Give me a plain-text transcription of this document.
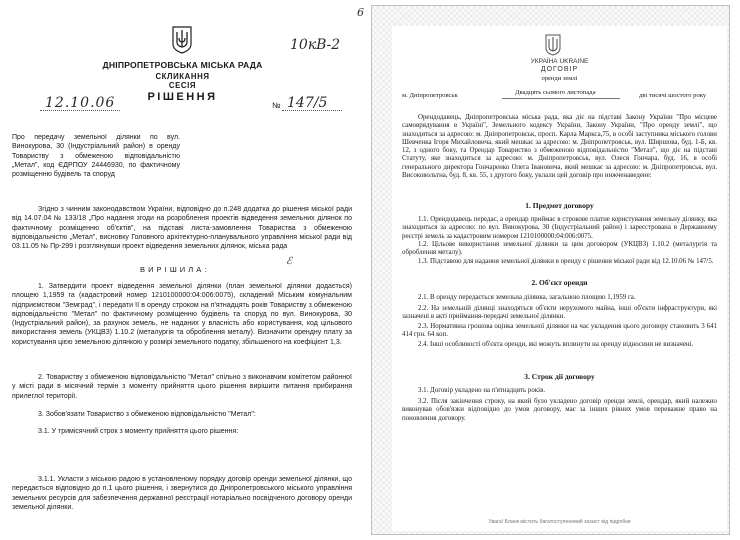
ДНІПРОПЕТРОВСЬКА МІСЬКА РАДА
СКЛИКАННЯ
СЕСІЯ
РІШЕННЯ
10кВ-2
12.10.06	№ 147/5

Про передачу земельної ділянки по вул. Винокурова, 30 (Індустріальний район) в оренду Товариству з обмеженою відповідальністю „Метал”, код ЄДРПОУ 24446930, по фактичному розміщенню будівель та споруд

Згідно з чинним законодавством України, відповідно до п.248 додатка до рішення міської ради від 14.07.04 № 133/18 „Про надання згоди на розроблення проектів відведення земельних ділянок по фактичному розміщенню об'єктів”, на підставі листа-замовлення Товариства з обмеженою відповідальністю „Метал”, висновку Головного архітектурно-планувального управління міської ради від 03.11.05 № Пр-299 і розглянувши проект відведення земельних ділянок, міська рада

В И Р І Ш И Л А :
ℰ

1. Затвердити проект відведення земельної ділянки (план земельної ділянки додається) площею 1,1959 га (кадастровий номер 1210100000:04:006:0075), складений Міським комунальним підприємством "Земград", і передати її в оренду строком на п'ятнадцять років Товариству з обмеженою відповідальністю "Метал" по фактичному розміщенню будівель та споруд по вул. Винокурова, 30 (Індустріальний район), за рахунок земель, не наданих у власність або користування, код цільового використання земель (УКЦВЗ) 1.10.2 (металургія та оброблення металу). Визначити орендну плату за користування цією земельною ділянкою у розмірі земельного податку, збільшеного на коефіцієнт 1,3.

2. Товариству з обмеженою відповідальністю "Метал" спільно з виконавчим комітетом районної у місті ради в місячний термін з моменту прийняття цього рішення вирішити питання прибирання прилеглої території.

3. Зобов'язати Товариство з обмеженою відповідальністю "Метал":

3.1. У тримісячний строк з моменту прийняття цього рішення:

3.1.1. Укласти з міською радою в установленому порядку договір оренди земельної ділянки, що передається відповідно до п.1 цього рішення, і звернутися до Дніпропетровського міського управління земельних ресурсів для забезпечення державної реєстрації нотаріально посвідченого договору оренди земельної ділянки.

6
УКРАЇНА UKRAINE
ДОГОВІР
оренди землі
м. Дніпропетровськ	Двадцять сьомого листопада	дві тисячі шостого року

Орендодавець, Дніпропетровська міська рада, яка діє на підставі Закону України "Про місцеве самоврядування в Україні", Земельного кодексу України, Закону України, "Про оренду землі", що знаходиться за адресою: м. Дніпропетровськ, просп. Карла Маркса,75, в особі заступника міського голови Шевченка Ігоря Михайловича, який мешкає за адресою: м. Дніпропетровськ, вул. Ширшова, буд. 1-Б, кв. 12, з одного боку, та Орендар Товариство з обмеженою відповідальністю "Метал", що діє на підставі Статуту, яке знаходиться за адресою: м. Дніпропетровськ, вул. Олеся Гончара, буд. 16, в особі генерального директора Гончаренко Олега Івановича, який мешкає за адресою: м. Дніпропетровськ, вул. Високовольтна, буд. 8, кв. 55, з другого боку, уклали цей договір про нижченаведене:

1. Предмет договору

1.1. Орендодавець передає, а орендар приймає в строкове платне користування земельну ділянку, яка знаходиться за адресою: по вул. Винокурова, 30 (Індустріальний район) і зареєстрована в Державному реєстрі земель за кадастровим номером 1210100000:04:006:0075.

1.2. Цільове використання земельної ділянки за цим договором (УКЦВЗ) 1.10.2 (металургія та оброблення металу).

1.3. Підставою для надання земельної ділянки в оренду є рішення міської ради від 12.10.06 № 147/5.

2. Об'єкт оренди

2.1. В оренду передається земельна ділянка, загальною площею 1,1959 га.

2.2. На земельній ділянці знаходяться об'єкти нерухомого майна, інші об'єкти інфраструктури, які зазначені в акті приймання-передачі земельної ділянки.

2.3. Нормативна грошова оцінка земельної ділянки на час укладення цього договору становить 3 641 414 грн. 64 коп.

2.4. Інші особливості об'єкта оренди, які можуть вплинути на оренду відносини не визначені.

3. Строк дії договору

3.1. Договір укладено на п'ятнадцять років.

3.2. Після закінчення строку, на який було укладено договір оренди землі, орендар, який належно виконував обов'язки відповідно до умов договору, має за інших рівних умов переважне право на поновлення договору.

Увага! Бланк містить багатоступеневий захист від підробки
